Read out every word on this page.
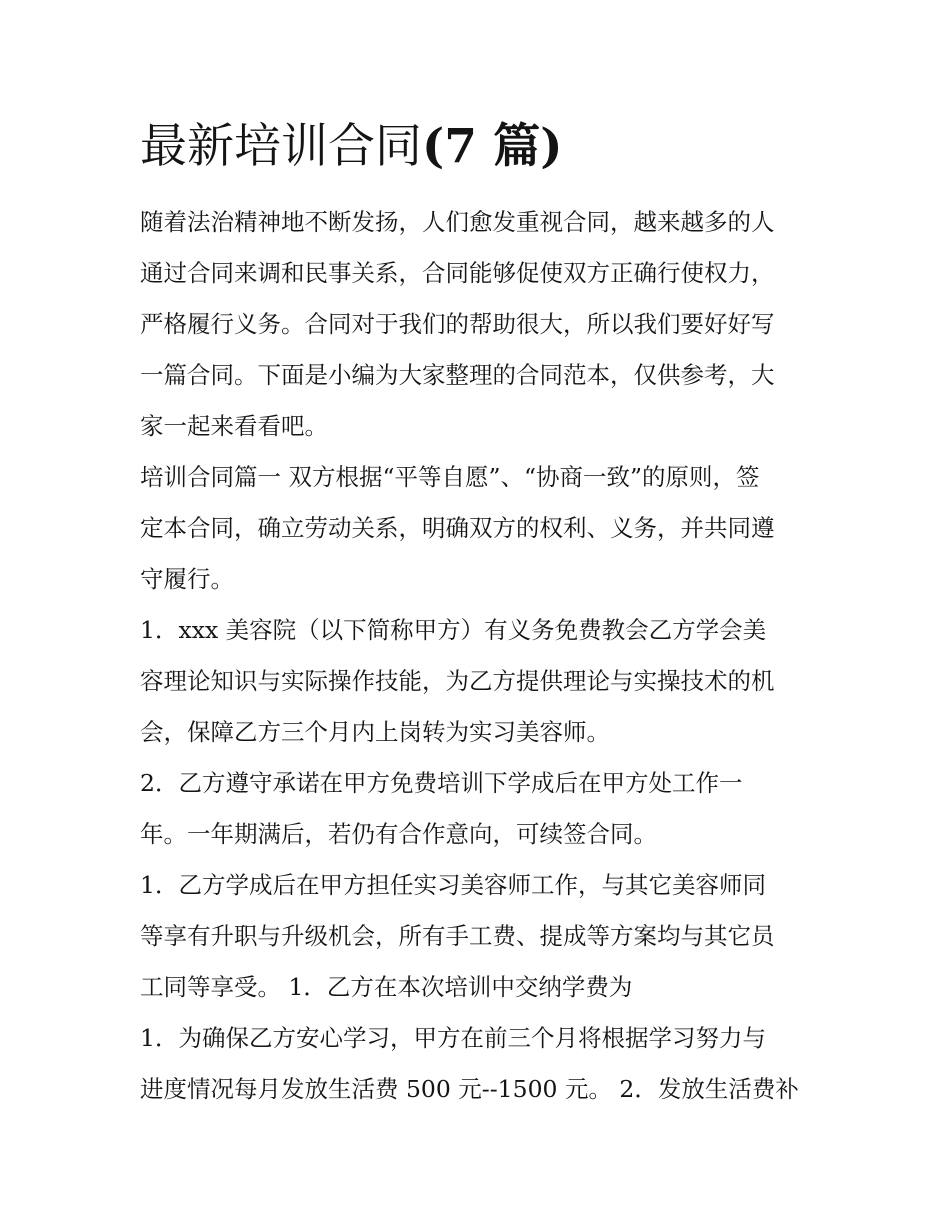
最新培训合同(7 篇)
随着法治精神地不断发扬，人们愈发重视合同，越来越多的人
通过合同来调和民事关系，合同能够促使双方正确行使权力，
严格履行义务。合同对于我们的帮助很大，所以我们要好好写
一篇合同。下面是小编为大家整理的合同范本，仅供参考，大
家一起来看看吧。
培训合同篇一 双方根据“平等自愿”、“协商一致”的原则，签
定本合同，确立劳动关系，明确双方的权利、义务，并共同遵
守履行。
1．xxx 美容院（以下简称甲方）有义务免费教会乙方学会美
容理论知识与实际操作技能，为乙方提供理论与实操技术的机
会，保障乙方三个月内上岗转为实习美容师。
2．乙方遵守承诺在甲方免费培训下学成后在甲方处工作一
年。一年期满后，若仍有合作意向，可续签合同。
1．乙方学成后在甲方担任实习美容师工作，与其它美容师同
等享有升职与升级机会，所有手工费、提成等方案均与其它员
工同等享受。 1．乙方在本次培训中交纳学费为
1．为确保乙方安心学习，甲方在前三个月将根据学习努力与
进度情况每月发放生活费 500 元--1500 元。 2．发放生活费补
